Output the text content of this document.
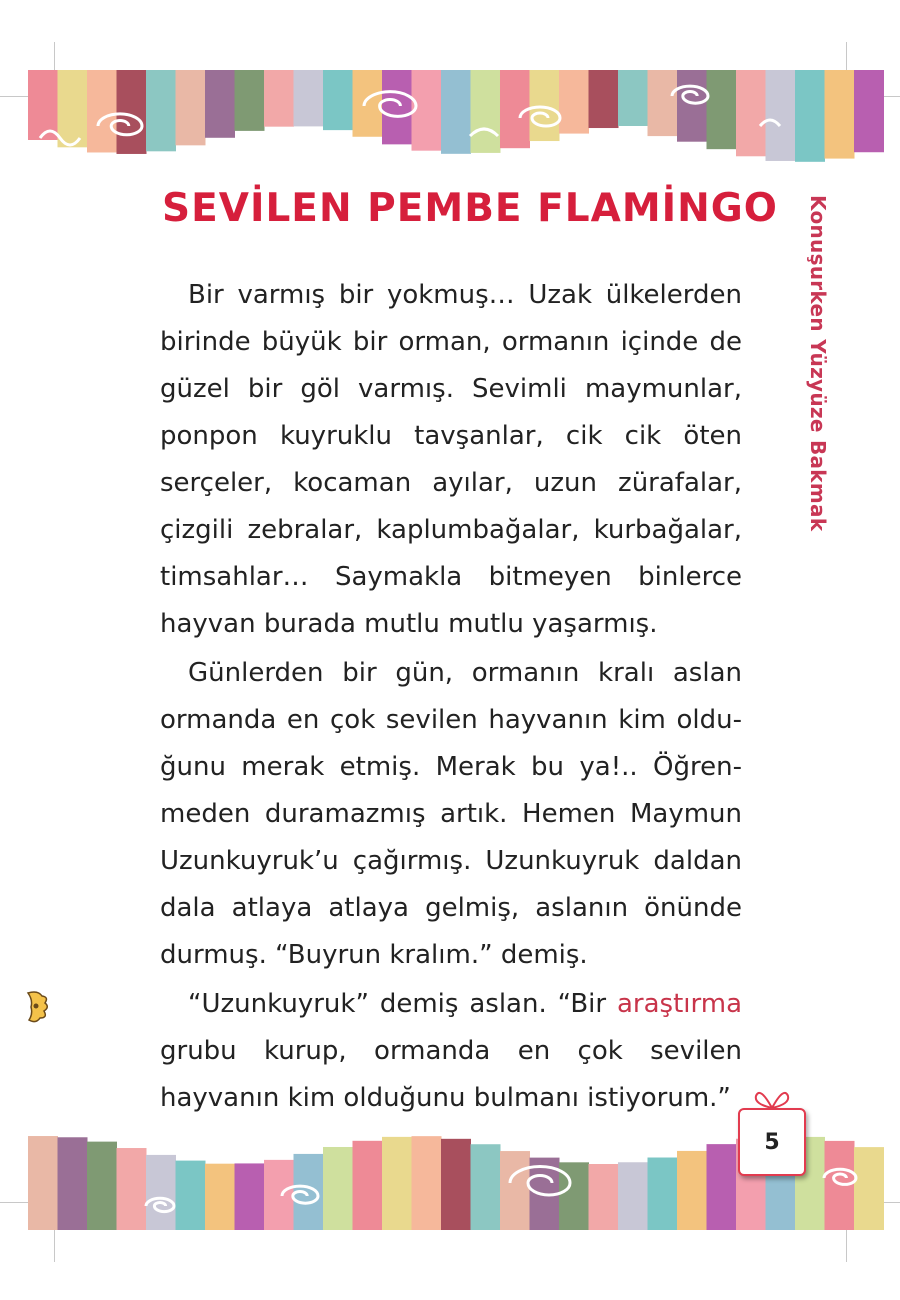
SEVİLEN PEMBE FLAMİNGO Konuşurken Yüzyüze Bakmak

Bir varmış bir yokmuş… Uzak ülkelerden birinde büyük bir orman, ormanın içinde de güzel bir göl varmış. Sevimli maymunlar, ponpon kuyruklu tavşanlar, cik cik öten serçeler, kocaman ayılar, uzun zürafalar, çizgili zebralar, kaplumbağalar, kurbağalar, timsahlar… Saymakla bitmeyen binlerce hayvan burada mutlu mutlu yaşarmış.

Günlerden bir gün, ormanın kralı aslan ormanda en çok sevilen hayvanın kim olduğunu merak etmiş. Merak bu ya!.. Öğrenmeden duramazmış artık. Hemen Maymun Uzunkuyruk’u çağırmış. Uzunkuyruk daldan dala atlaya atlaya gelmiş, aslanın önünde durmuş. “Buyrun kralım.” demiş.

“Uzunkuyruk” demiş aslan. “Bir araştırma grubu kurup, ormanda en çok sevilen hayvanın kim olduğunu bulmanı istiyorum.”

5
